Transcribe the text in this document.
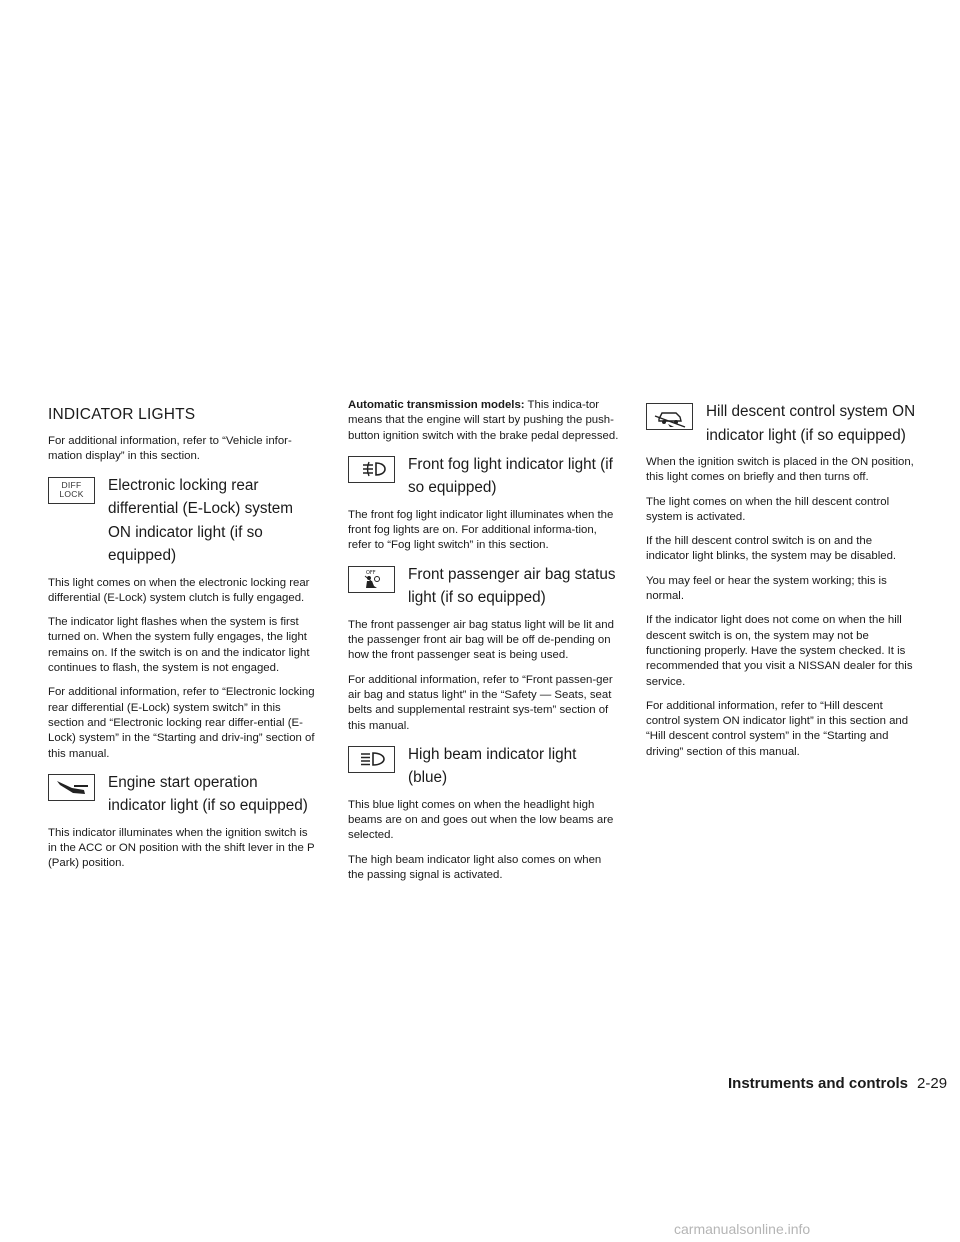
INDICATOR LIGHTS

For additional information, refer to “Vehicle infor-mation display” in this section.

DIFF
LOCK
Electronic locking rear differential (E-Lock) system ON indicator light (if so equipped)

This light comes on when the electronic locking rear differential (E-Lock) system clutch is fully engaged.

The indicator light flashes when the system is first turned on. When the system fully engages, the light remains on. If the switch is on and the indicator light continues to flash, the system is not engaged.

For additional information, refer to “Electronic locking rear differential (E-Lock) system switch” in this section and “Electronic locking rear differ-ential (E-Lock) system” in the “Starting and driv-ing” section of this manual.

Engine start operation indicator light (if so equipped)

This indicator illuminates when the ignition switch is in the ACC or ON position with the shift lever in the P (Park) position.

Automatic transmission models: This indica-tor means that the engine will start by pushing the push-button ignition switch with the brake pedal depressed.

Front fog light indicator light (if so equipped)

The front fog light indicator light illuminates when the front fog lights are on. For additional informa-tion, refer to “Fog light switch” in this section.

OFF Front passenger air bag status light (if so equipped)

The front passenger air bag status light will be lit and the passenger front air bag will be off de-pending on how the front passenger seat is being used.

For additional information, refer to “Front passen-ger air bag and status light” in the “Safety — Seats, seat belts and supplemental restraint sys-tem” section of this manual.

High beam indicator light (blue)

This blue light comes on when the headlight high beams are on and goes out when the low beams are selected.

The high beam indicator light also comes on when the passing signal is activated.

Hill descent control system ON indicator light (if so equipped)

When the ignition switch is placed in the ON position, this light comes on briefly and then turns off.

The light comes on when the hill descent control system is activated.

If the hill descent control switch is on and the indicator light blinks, the system may be disabled.

You may feel or hear the system working; this is normal.

If the indicator light does not come on when the hill descent switch is on, the system may not be functioning properly. Have the system checked. It is recommended that you visit a NISSAN dealer for this service.

For additional information, refer to “Hill descent control system ON indicator light” in this section and “Hill descent control system” in the “Starting and driving” section of this manual.

Instruments and controls 2-29
carmanualsonline.info
